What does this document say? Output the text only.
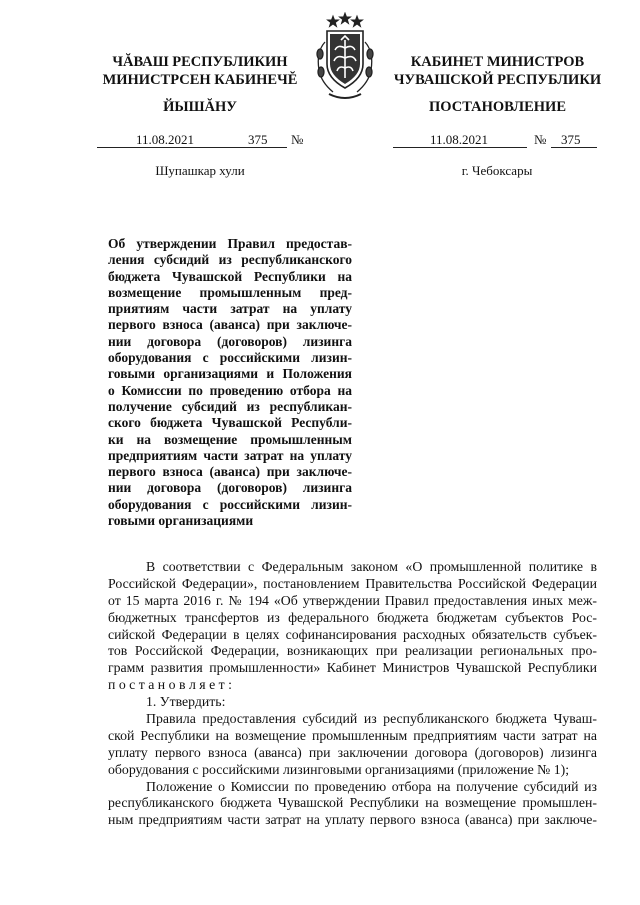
ЧĂВАШ РЕСПУБЛИКИН
МИНИСТРСЕН КАБИНЕЧĔ
КАБИНЕТ МИНИСТРОВ
ЧУВАШСКОЙ РЕСПУБЛИКИ
ЙЫШĂНУ	ПОСТАНОВЛЕНИЕ
11.08.2021	375 №	11.08.2021	№ 375
Шупашкар хули	г. Чебоксары
Об утверждении Правил предостав-
ления субсидий из республиканского
бюджета Чувашской Республики на
возмещение промышленным пред-
приятиям части затрат на уплату
первого взноса (аванса) при заключе-
нии договора (договоров) лизинга
оборудования с российскими лизин-
говыми организациями и Положения
о Комиссии по проведению отбора на
получение субсидий из республикан-
ского бюджета Чувашской Республи-
ки на возмещение промышленным
предприятиям части затрат на уплату
первого взноса (аванса) при заключе-
нии договора (договоров) лизинга
оборудования с российскими лизин-
говыми организациями
В соответствии с Федеральным законом «О промышленной политике в
Российской Федерации», постановлением Правительства Российской Федерации
от 15 марта 2016 г. № 194 «Об утверждении Правил предоставления иных меж-
бюджетных трансфертов из федерального бюджета бюджетам субъектов Рос-
сийской Федерации в целях софинансирования расходных обязательств субъек-
тов Российской Федерации, возникающих при реализации региональных про-
грамм развития промышленности» Кабинет Министров Чувашской Республики
п о с т а н о в л я е т :
1. Утвердить:
Правила предоставления субсидий из республиканского бюджета Чуваш-
ской Республики на возмещение промышленным предприятиям части затрат на
уплату первого взноса (аванса) при заключении договора (договоров) лизинга
оборудования с российскими лизинговыми организациями (приложение № 1);
Положение о Комиссии по проведению отбора на получение субсидий из
республиканского бюджета Чувашской Республики на возмещение промышлен-
ным предприятиям части затрат на уплату первого взноса (аванса) при заключе-
